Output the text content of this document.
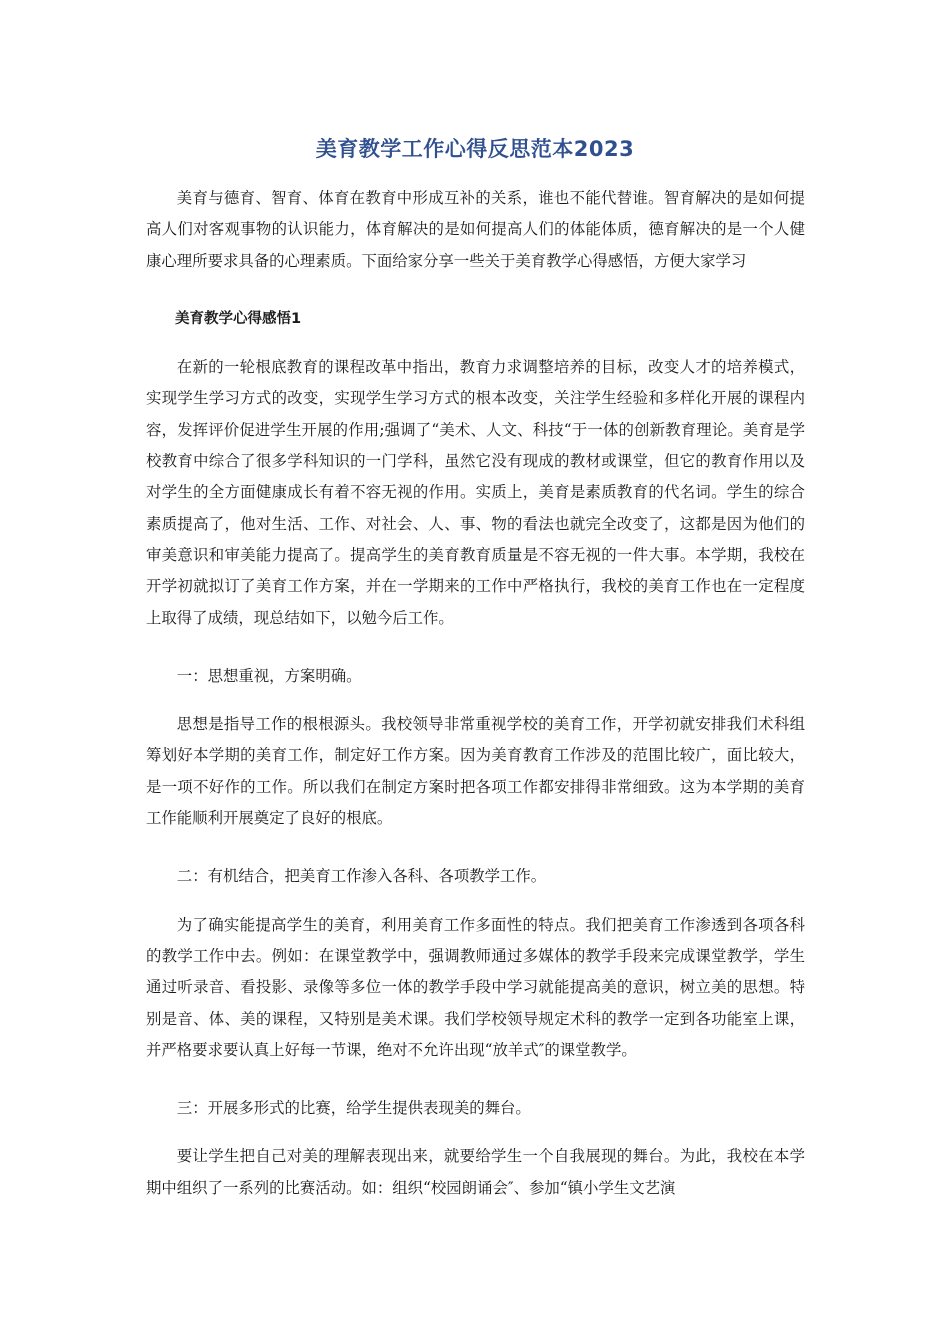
美育教学工作心得反思范本2023

美育与德育、智育、体育在教育中形成互补的关系，谁也不能代替谁。智育解决的是如何提高人们对客观事物的认识能力，体育解决的是如何提高人们的体能体质，德育解决的是一个人健康心理所要求具备的心理素质。下面给家分享一些关于美育教学心得感悟，方便大家学习

美育教学心得感悟1

在新的一轮根底教育的课程改革中指出，教育力求调整培养的目标，改变人才的培养模式，实现学生学习方式的改变，实现学生学习方式的根本改变，关注学生经验和多样化开展的课程内容，发挥评价促进学生开展的作用;强调了“美术、人文、科技“于一体的创新教育理论。美育是学校教育中综合了很多学科知识的一门学科，虽然它没有现成的教材或课堂，但它的教育作用以及对学生的全方面健康成长有着不容无视的作用。实质上，美育是素质教育的代名词。学生的综合素质提高了，他对生活、工作、对社会、人、事、物的看法也就完全改变了，这都是因为他们的审美意识和审美能力提高了。提高学生的美育教育质量是不容无视的一件大事。本学期，我校在开学初就拟订了美育工作方案，并在一学期来的工作中严格执行，我校的美育工作也在一定程度上取得了成绩，现总结如下，以勉今后工作。

一：思想重视，方案明确。

思想是指导工作的根根源头。我校领导非常重视学校的美育工作，开学初就安排我们术科组筹划好本学期的美育工作，制定好工作方案。因为美育教育工作涉及的范围比较广，面比较大，是一项不好作的工作。所以我们在制定方案时把各项工作都安排得非常细致。这为本学期的美育工作能顺利开展奠定了良好的根底。

二：有机结合，把美育工作渗入各科、各项教学工作。

为了确实能提高学生的美育，利用美育工作多面性的特点。我们把美育工作渗透到各项各科的教学工作中去。例如：在课堂教学中，强调教师通过多媒体的教学手段来完成课堂教学，学生通过听录音、看投影、录像等多位一体的教学手段中学习就能提高美的意识，树立美的思想。特别是音、体、美的课程，又特别是美术课。我们学校领导规定术科的教学一定到各功能室上课，并严格要求要认真上好每一节课，绝对不允许出现“放羊式″的课堂教学。

三：开展多形式的比赛，给学生提供表现美的舞台。

要让学生把自己对美的理解表现出来，就要给学生一个自我展现的舞台。为此，我校在本学期中组织了一系列的比赛活动。如：组织“校园朗诵会″、参加“镇小学生文艺演
